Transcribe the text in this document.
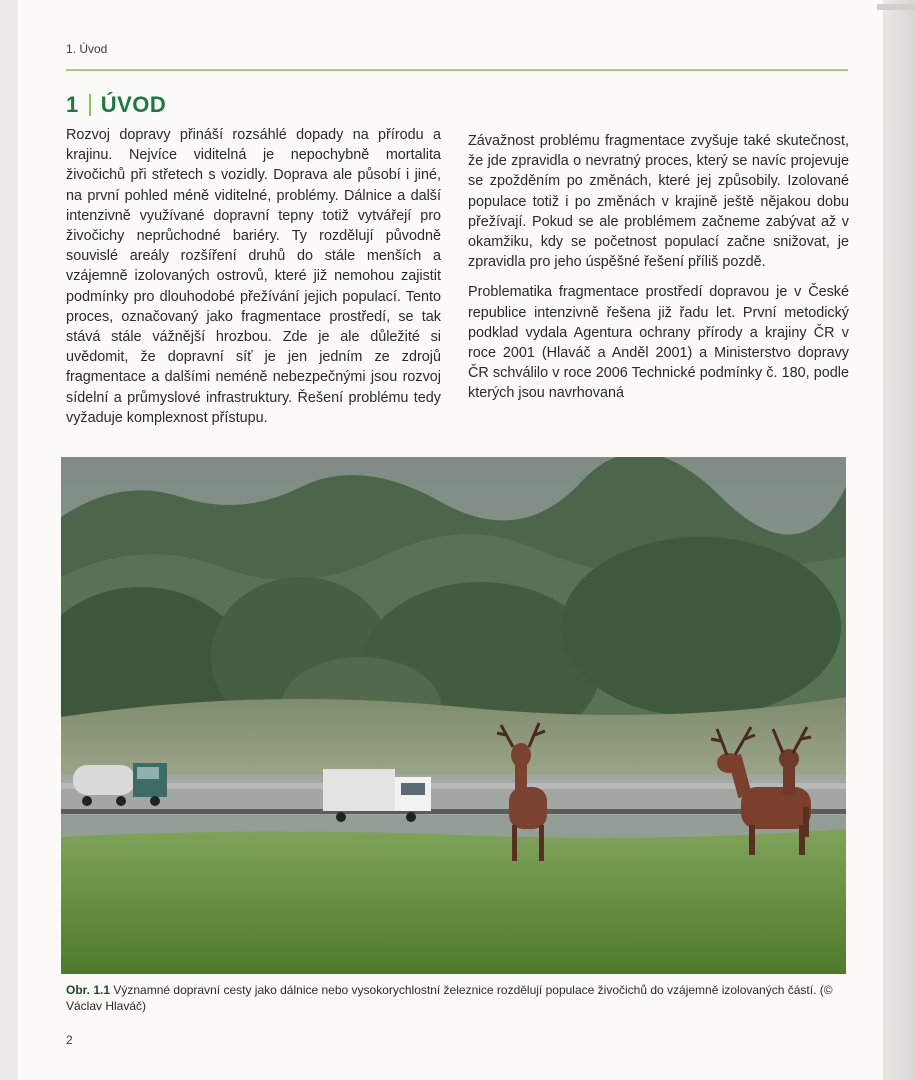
1. Úvod
1 ÚVOD

Rozvoj dopravy přináší rozsáhlé dopady na přírodu a krajinu. Nejvíce viditelná je nepochybně mortalita živočichů při střetech s vozidly. Doprava ale působí i jiné, na první pohled méně viditelné, problémy. Dálnice a další intenzivně využívané dopravní tepny totiž vytvářejí pro živočichy neprůchodné bariéry. Ty rozdělují původně souvislé areály rozšíření druhů do stále menších a vzájemně izolovaných ostrovů, které již nemohou zajistit podmínky pro dlouhodobé přežívání jejich populací. Tento proces, označovaný jako fragmentace prostředí, se tak stává stále vážnější hrozbou. Zde je ale důležité si uvědomit, že dopravní síť je jen jedním ze zdrojů fragmentace a dalšími neméně nebezpečnými jsou rozvoj sídelní a průmyslové infrastruktury. Řešení problému tedy vyžaduje komplexnost přístupu.

Závažnost problému fragmentace zvyšuje také skutečnost, že jde zpravidla o nevratný proces, který se navíc projevuje se zpožděním po změnách, které jej způsobily. Izolované populace totiž i po změnách v krajině ještě nějakou dobu přežívají. Pokud se ale problémem začneme zabývat až v okamžiku, kdy se početnost populací začne snižovat, je zpravidla pro jeho úspěšné řešení příliš pozdě.

Problematika fragmentace prostředí dopravou je v České republice intenzivně řešena již řadu let. První metodický podklad vydala Agentura ochrany přírody a krajiny ČR v roce 2001 (Hlaváč a Anděl 2001) a Ministerstvo dopravy ČR schválilo v roce 2006 Technické podmínky č. 180, podle kterých jsou navrhovaná

Obr. 1.1 Významné dopravní cesty jako dálnice nebo vysokorychlostní železnice rozdělují populace živočichů do vzájemně izolovaných částí. (© Václav Hlaváč)
2
